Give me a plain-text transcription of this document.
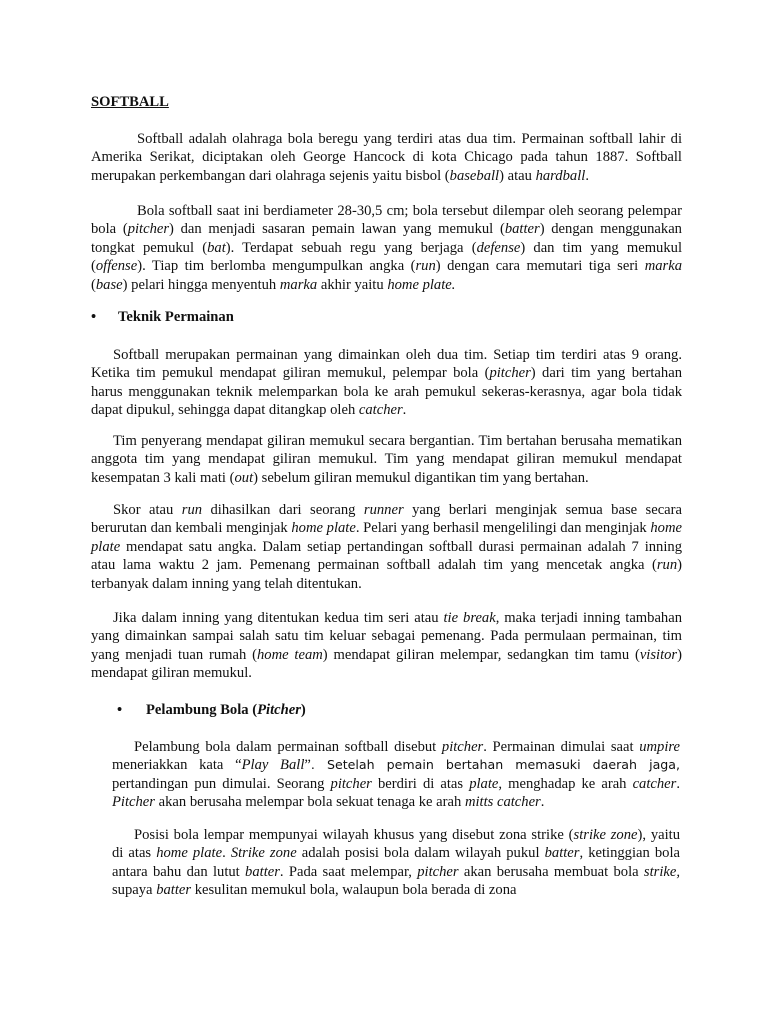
SOFTBALL

Softball adalah olahraga bola beregu yang terdiri atas dua tim. Permainan softball lahir di Amerika Serikat, diciptakan oleh George Hancock di kota Chicago pada tahun 1887. Softball merupakan perkembangan dari olahraga sejenis yaitu bisbol (baseball) atau hardball.

Bola softball saat ini berdiameter 28-30,5 cm; bola tersebut dilempar oleh seorang pelempar bola (pitcher) dan menjadi sasaran pemain lawan yang memukul (batter) dengan menggunakan tongkat pemukul (bat). Terdapat sebuah regu yang berjaga (defense) dan tim yang memukul (offense). Tiap tim berlomba mengumpulkan angka (run) dengan cara memutari tiga seri marka (base) pelari hingga menyentuh marka akhir yaitu home plate.

•	Teknik Permainan

Softball merupakan permainan yang dimainkan oleh dua tim. Setiap tim terdiri atas 9 orang. Ketika tim pemukul mendapat giliran memukul, pelempar bola (pitcher) dari tim yang bertahan harus menggunakan teknik melemparkan bola ke arah pemukul sekeras-kerasnya, agar bola tidak dapat dipukul, sehingga dapat ditangkap oleh catcher.

Tim penyerang mendapat giliran memukul secara bergantian. Tim bertahan berusaha mematikan anggota tim yang mendapat giliran memukul. Tim yang mendapat giliran memukul mendapat kesempatan 3 kali mati (out) sebelum giliran memukul digantikan tim yang bertahan.

Skor atau run dihasilkan dari seorang runner yang berlari menginjak semua base secara berurutan dan kembali menginjak home plate. Pelari yang berhasil mengelilingi dan menginjak home plate mendapat satu angka. Dalam setiap pertandingan softball durasi permainan adalah 7 inning atau lama waktu 2 jam. Pemenang permainan softball adalah tim yang mencetak angka (run) terbanyak dalam inning yang telah ditentukan.

Jika dalam inning yang ditentukan kedua tim seri atau tie break, maka terjadi inning tambahan yang dimainkan sampai salah satu tim keluar sebagai pemenang. Pada permulaan permainan, tim yang menjadi tuan rumah (home team) mendapat giliran melempar, sedangkan tim tamu (visitor) mendapat giliran memukul.

•	Pelambung Bola (Pitcher)

Pelambung bola dalam permainan softball disebut pitcher. Permainan dimulai saat umpire meneriakkan kata “Play Ball”. Setelah pemain bertahan memasuki daerah jaga, pertandingan pun dimulai. Seorang pitcher berdiri di atas plate, menghadap ke arah catcher. Pitcher akan berusaha melempar bola sekuat tenaga ke arah mitts catcher.

Posisi bola lempar mempunyai wilayah khusus yang disebut zona strike (strike zone), yaitu di atas home plate. Strike zone adalah posisi bola dalam wilayah pukul batter, ketinggian bola antara bahu dan lutut batter. Pada saat melempar, pitcher akan berusaha membuat bola strike, supaya batter kesulitan memukul bola, walaupun bola berada di zona
